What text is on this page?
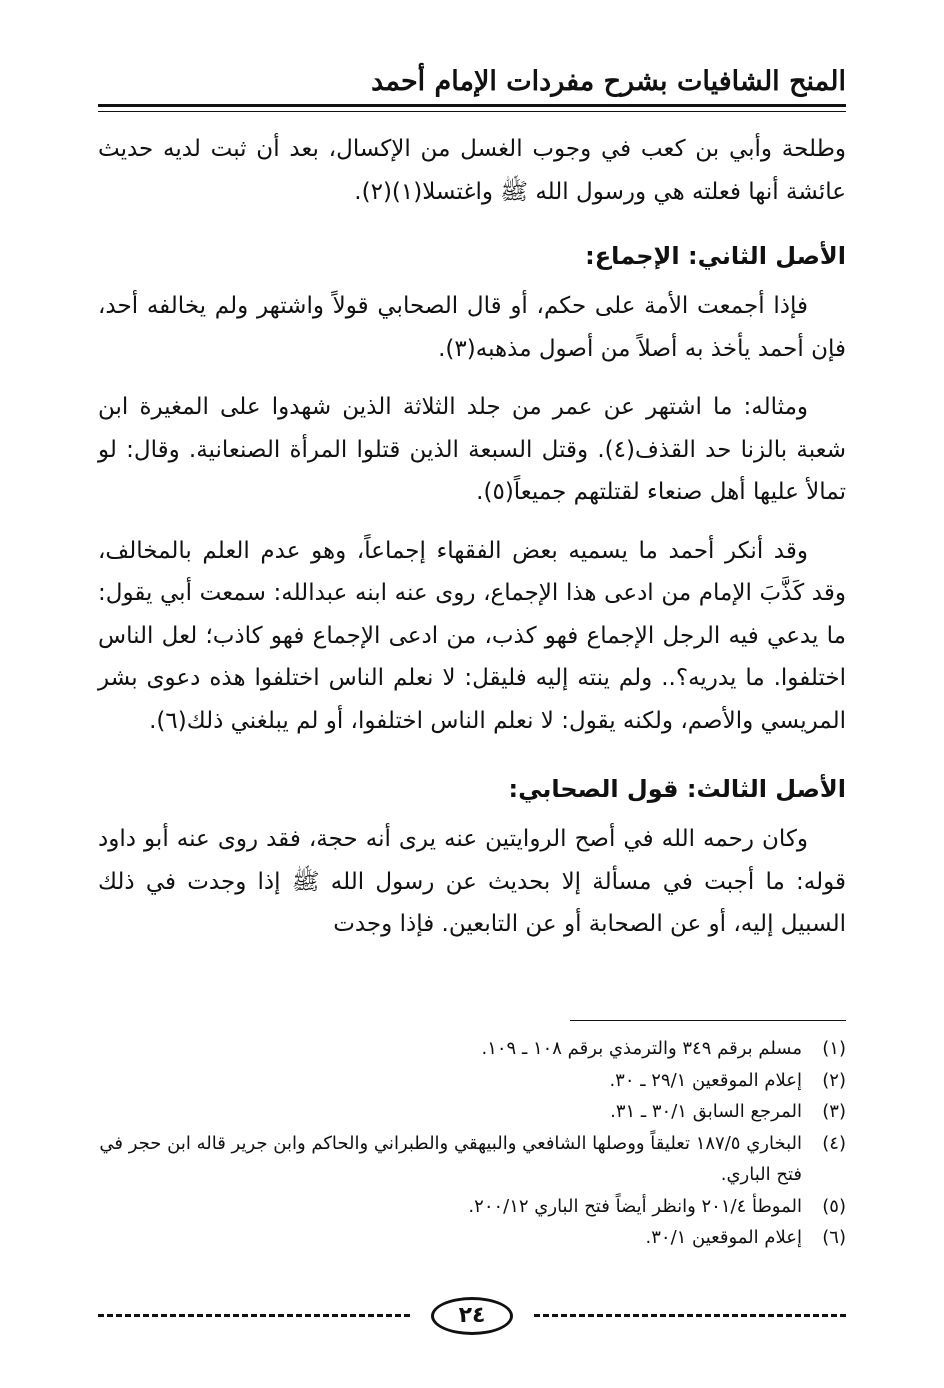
المنح الشافيات بشرح مفردات الإمام أحمد

وطلحة وأبي بن كعب في وجوب الغسل من الإكسال، بعد أن ثبت لديه حديث عائشة أنها فعلته هي ورسول الله ﷺ واغتسلا(١)(٢).

الأصل الثاني: الإجماع:

فإذا أجمعت الأمة على حكم، أو قال الصحابي قولاً واشتهر ولم يخالفه أحد، فإن أحمد يأخذ به أصلاً من أصول مذهبه(٣).

ومثاله: ما اشتهر عن عمر من جلد الثلاثة الذين شهدوا على المغيرة ابن شعبة بالزنا حد القذف(٤). وقتل السبعة الذين قتلوا المرأة الصنعانية. وقال: لو تمالأ عليها أهل صنعاء لقتلتهم جميعاً(٥).

وقد أنكر أحمد ما يسميه بعض الفقهاء إجماعاً، وهو عدم العلم بالمخالف، وقد كَذَّبَ الإمام من ادعى هذا الإجماع، روى عنه ابنه عبدالله: سمعت أبي يقول: ما يدعي فيه الرجل الإجماع فهو كذب، من ادعى الإجماع فهو كاذب؛ لعل الناس اختلفوا. ما يدريه؟.. ولم ينته إليه فليقل: لا نعلم الناس اختلفوا هذه دعوى بشر المريسي والأصم، ولكنه يقول: لا نعلم الناس اختلفوا، أو لم يبلغني ذلك(٦).

الأصل الثالث: قول الصحابي:

وكان رحمه الله في أصح الروايتين عنه يرى أنه حجة، فقد روى عنه أبو داود قوله: ما أجبت في مسألة إلا بحديث عن رسول الله ﷺ إذا وجدت في ذلك السبيل إليه، أو عن الصحابة أو عن التابعين. فإذا وجدت

(١)
مسلم برقم ٣٤٩ والترمذي برقم ١٠٨ ـ ١٠٩.
(٢)
إعلام الموقعين ٢٩/١ ـ ٣٠.
(٣)
المرجع السابق ٣٠/١ ـ ٣١.
(٤)
البخاري ١٨٧/٥ تعليقاً ووصلها الشافعي والبيهقي والطبراني والحاكم وابن جرير قاله ابن حجر في فتح الباري.
(٥)
الموطأ ٢٠١/٤ وانظر أيضاً فتح الباري ٢٠٠/١٢.
(٦)
إعلام الموقعين ٣٠/١.
٢٤
